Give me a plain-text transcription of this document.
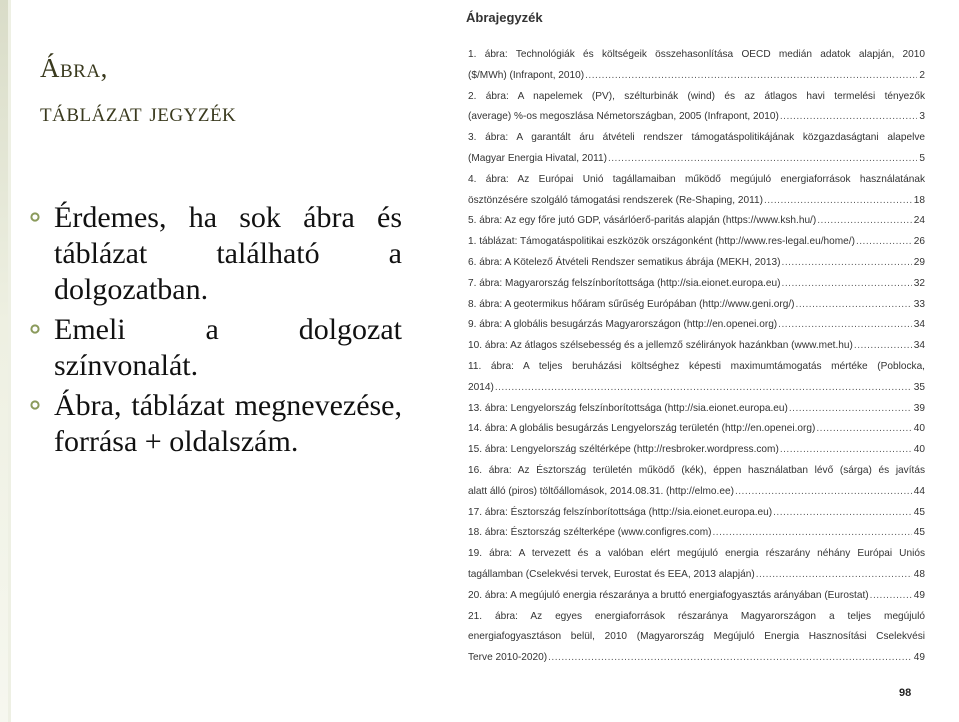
Ábra,
táblázat jegyzék
Érdemes, ha sok ábra és táblázat található a dolgozatban.
Emeli a dolgozat színvonalát.
Ábra, táblázat megnevezése, forrása + oldalszám.
Ábrajegyzék
1. ábra: Technológiák és költségeik összehasonlítása OECD medián adatok alapján, 2010
($/MWh) (Infrapont, 2010) .....	2
2. ábra: A napelemek (PV), szélturbinák (wind) és az átlagos havi termelési tényezők
(average) %-os megoszlása Németországban, 2005 (Infrapont, 2010) .....	3
3. ábra: A garantált áru átvételi rendszer támogatáspolitikájának közgazdaságtani alapelve
(Magyar Energia Hivatal, 2011) .....	5
4. ábra: Az Európai Unió tagállamaiban működő megújuló energiaforrások használatának
ösztönzésére szolgáló támogatási rendszerek (Re-Shaping, 2011) .....	18
5. ábra: Az egy főre jutó GDP, vásárlóerő-paritás alapján (https://www.ksh.hu/) .....	24
1. táblázat: Támogatáspolitikai eszközök országonként (http://www.res-legal.eu/home/) .....	26
6. ábra: A Kötelező Átvételi Rendszer sematikus ábrája (MEKH, 2013) .....	29
7. ábra: Magyarország felszínborítottsága (http://sia.eionet.europa.eu) .....	32
8. ábra: A geotermikus hőáram sűrűség Európában (http://www.geni.org/) .....	33
9. ábra: A globális besugárzás Magyarországon (http://en.openei.org) .....	34
10. ábra: Az átlagos szélsebesség és a jellemző szélirányok hazánkban (www.met.hu) .....	34
11. ábra: A teljes beruházási költséghez képesti maximumtámogatás mértéke (Poblocka,
2014) .....	35
13. ábra: Lengyelország felszínborítottsága (http://sia.eionet.europa.eu) .....	39
14. ábra: A globális besugárzás Lengyelország területén (http://en.openei.org) .....	40
15. ábra: Lengyelország széltérképe (http://resbroker.wordpress.com) .....	40
16. ábra: Az Észtország területén működő (kék), éppen használatban lévő (sárga) és javítás
alatt álló (piros) töltőállomások, 2014.08.31. (http://elmo.ee) .....	44
17. ábra: Észtország felszínborítottsága (http://sia.eionet.europa.eu) .....	45
18. ábra: Észtország szélterképe (www.configres.com) .....	45
19. ábra: A tervezett és a valóban elért megújuló energia részarány néhány Európai Uniós
tagállamban (Cselekvési tervek, Eurostat és EEA, 2013 alapján) .....	48
20. ábra: A megújuló energia részaránya a bruttó energiafogyasztás arányában (Eurostat) .....	49
21. ábra: Az egyes energiaforrások részaránya Magyarországon a teljes megújuló
energiafogyasztáson belül, 2010 (Magyarország Megújuló Energia Hasznosítási Cselekvési
Terve 2010-2020) .....	49
98
